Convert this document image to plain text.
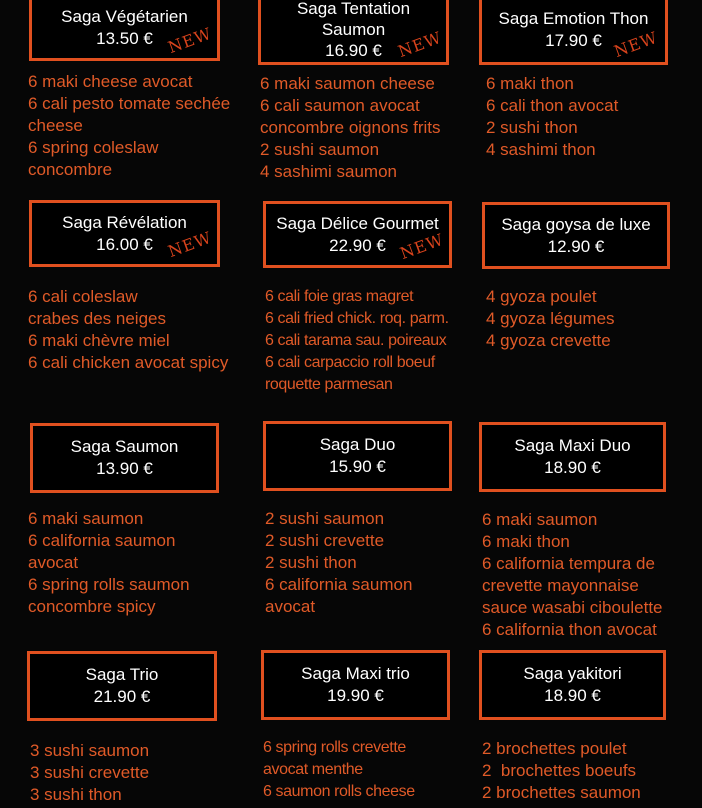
Saga Végétarien
13.50 € NEW
6 maki cheese avocat
6 cali pesto tomate sechée
cheese
6 spring coleslaw
concombre
Saga Tentation
Saumon
16.90 € NEW
6 maki saumon cheese
6 cali saumon avocat
concombre oignons frits
2 sushi saumon
4 sashimi saumon
Saga Emotion Thon
17.90 € NEW
6 maki thon
6 cali thon avocat
2 sushi thon
4 sashimi thon
Saga Révélation
16.00 € NEW
6 cali coleslaw
crabes des neiges
6 maki chèvre miel
6 cali chicken avocat spicy
Saga Délice Gourmet
22.90 € NEW
6 cali foie gras magret
6 cali fried chick. roq. parm.
6 cali tarama sau. poireaux
6 cali carpaccio roll boeuf
roquette parmesan
Saga goysa de luxe
12.90 €
4 gyoza poulet
4 gyoza légumes
4 gyoza crevette
Saga Saumon
13.90 €
6 maki saumon
6 california saumon
avocat
6 spring rolls saumon
concombre spicy
Saga Duo
15.90 €
2 sushi saumon
2 sushi crevette
2 sushi thon
6 california saumon
avocat
Saga Maxi Duo
18.90 €
6 maki saumon
6 maki thon
6 california tempura de
crevette mayonnaise
sauce wasabi ciboulette
6 california thon avocat
Saga Trio
21.90 €
3 sushi saumon
3 sushi crevette
3 sushi thon
Saga Maxi trio
19.90 €
6 spring rolls crevette
avocat menthe
6 saumon rolls cheese
Saga yakitori
18.90 €
2 brochettes poulet
2  brochettes boeufs
2 brochettes saumon
